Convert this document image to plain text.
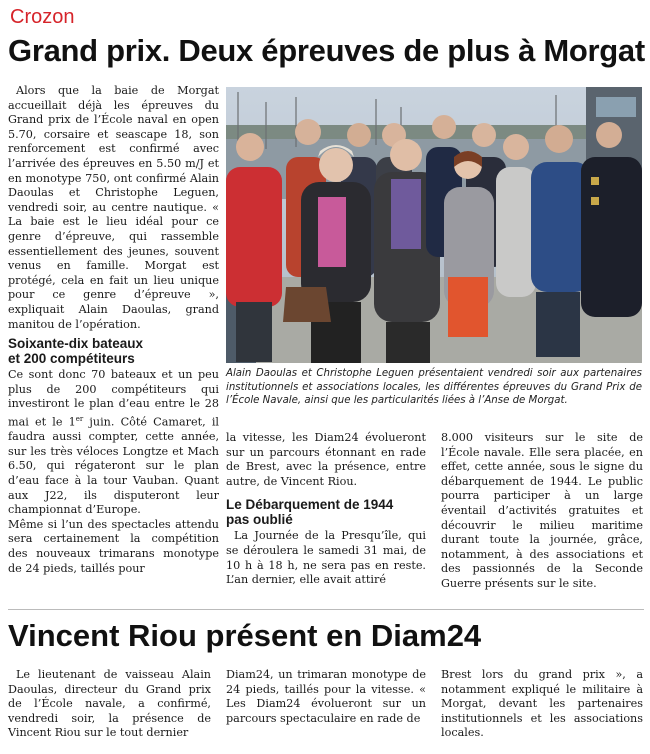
Crozon
Grand prix. Deux épreuves de plus à Morgat

Alors que la baie de Morgat accueillait déjà les épreuves du Grand prix de l’École naval en open 5.70, corsaire et seascape 18, son renforcement est confirmé avec l’arrivée des épreuves en 5.50 m/J et en monotype 750, ont confirmé Alain Daoulas et Christophe Leguen, vendredi soir, au centre nautique. « La baie est le lieu idéal pour ce genre d’épreuve, qui rassemble essentiellement des jeunes, souvent venus en famille. Morgat est protégé, cela en fait un lieu unique pour ce genre d’épreuve », expliquait Alain Daoulas, grand manitou de l’opération.

Soixante-dix bateaux
et 200 compétiteurs

Ce sont donc 70 bateaux et un peu plus de 200 compétiteurs qui investiront le plan d’eau entre le 28 mai et le 1er juin. Côté Camaret, il faudra aussi compter, cette année, sur les très véloces Longtze et Mach 6.50, qui régateront sur le plan d’eau face à la tour Vauban. Quant aux J22, ils disputeront leur championnat d’Europe.

Même si l’un des spectacles attendu sera certainement la compétition des nouveaux trimarans monotype de 24 pieds, taillés pour

Alain Daoulas et Christophe Leguen présentaient vendredi soir aux partenaires institutionnels et associations locales, les différentes épreuves du Grand Prix de l’École Navale, ainsi que les particularités liées à l’Anse de Morgat.

la vitesse, les Diam24 évolueront sur un parcours étonnant en rade de Brest, avec la présence, entre autre, de Vincent Riou.

Le Débarquement de 1944
pas oublié

La Journée de la Presqu’île, qui se déroulera le samedi 31 mai, de 10 h à 18 h, ne sera pas en reste. L’an dernier, elle avait attiré

8.000 visiteurs sur le site de l’École navale. Elle sera placée, en effet, cette année, sous le signe du débarquement de 1944. Le public pourra participer à un large éventail d’activités gratuites et découvrir le milieu maritime durant toute la journée, grâce, notamment, à des associations et des passionnés de la Seconde Guerre présents sur le site.

Vincent Riou présent en Diam24

Le lieutenant de vaisseau Alain Daoulas, directeur du Grand prix de l’École navale, a confirmé, vendredi soir, la présence de Vincent Riou sur le tout dernier

Diam24, un trimaran monotype de 24 pieds, taillés pour la vitesse. « Les Diam24 évolueront sur un parcours spectaculaire en rade de

Brest lors du grand prix », a notamment expliqué le militaire à Morgat, devant les partenaires institutionnels et les associations locales.
